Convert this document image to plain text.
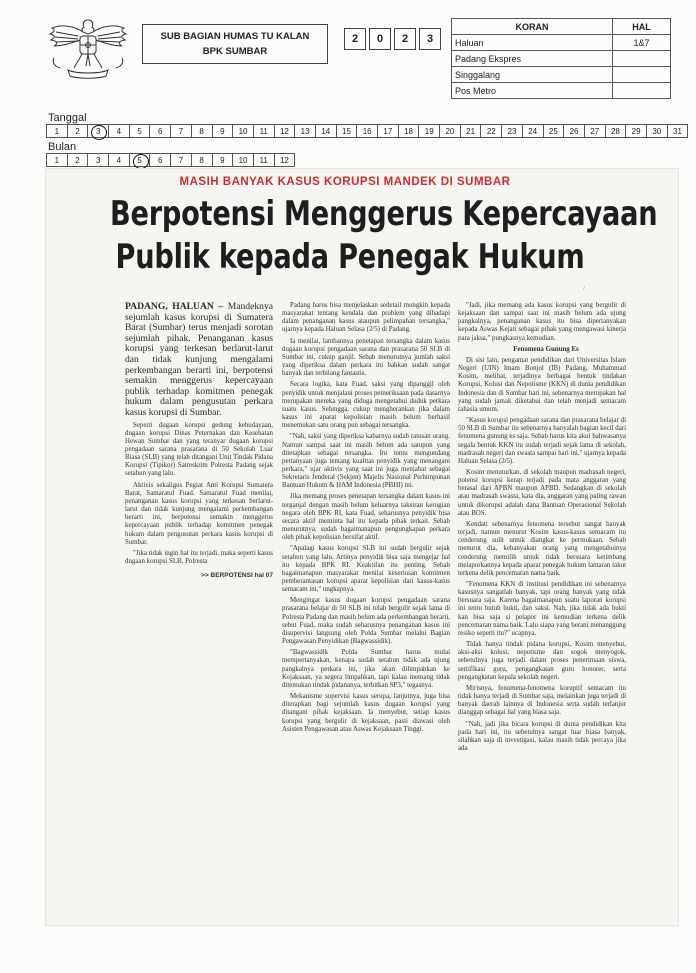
SUB BAGIAN HUMAS TU KALAN
BPK SUMBAR
2	0	2	3
KORAN	HAL
Haluan	1&7
Padang Ekspres	
Singgalang	
Pos Metro	
Tanggal
1	2	3	4	5	6	7	8	9	10	11	12	13	14	15	16	17	18	19	20	21	22	23	24	25	26	27	28	29	30	31
Bulan
1	2	3	4	5	6	7	8	9	10	11	12
⁄
MASIH BANYAK KASUS KORUPSI MANDEK DI SUMBAR
Berpotensi Menggerus Kepercayaan
Publik kepada Penegak Hukum

PADANG, HALUAN – Mandeknya sejumlah kasus korupsi di Sumatera Barat (Sumbar) terus menjadi sorotan sejumlah pihak. Penanganan kasus korupsi yang terkesan berlarut-larut dan tidak kunjung mengalami perkembangan berarti ini, berpotensi semakin menggerus kepercayaan publik terhadap komitmen penegak hukum dalam pengusutan perkara kasus korupsi di Sumbar.

Seperti dugaan korupsi gedung kebudayaan, dugaan korupsi Dinas Peternakan dan Kesehatan Hewan Sumbar dan yang teranyar dugaan korupsi pengadaan sarana prasarana di 50 Sekolah Luar Biasa (SLB) yang telah ditangani Unit Tindak Pidana Korupsi (Tipikor) Satreskrim Polresta Padang sejak setahun yang lalu.

Aktivis sekaligus Pegiat Anti Korupsi Sumatera Barat, Samaratul Fuad. Samaratul Fuad menilai, penanganan kasus korupsi yang terkesan berlarut-larut dan tidak kunjung mengalami perkembangan berarti ini, berpotensi semakin menggerus kepercayaan publik terhadap komitmen penegak hukum dalam pengusutan perkara kasus korupsi di Sumbar.

"Jika tidak ingin hal itu terjadi, maka seperti kasus dugaan korupsi SLB, Polresta

>> BERPOTENSI hal 07

Padang harus bisa menjelaskan sedetail mungkin kepada masyarakat tentang kendala dan problem yang dihadapi dalam penanganan kasus ataupun pelimpahan tersangka," ujarnya kepada Haluan Selasa (2/5) di Padang.

Ia menilai, lambannya penetapan tersangka dalam kasus dugaan korupsi pengadaan sarana dan prasarana 50 SLB di Sumbar ini, cukup ganjil. Sebab menurutnya jumlah saksi yang diperiksa dalam perkara ini bahkan sudah sangat banyak dan terbilang fantastis.

Secara logika, kata Fuad, saksi yang dipanggil oleh penyidik untuk menjalani proses pemeriksaan pada dasarnya merupakan mereka yang diduga mengetahui duduk perkara suatu kasus. Sehingga, cukup mengherankan jika dalam kasus ini aparat kepolisian masih belum berhasil menemukan satu orang pun sebagai tersangka.

"Nah, saksi yang diperiksa kabarnya sudah ratusan orang. Namun sampai saat ini masih belum ada satupun yang ditetapkan sebagai tersangka. Ini tentu mengundang pertanyaan juga tentang kualitas penyidik yang menangani perkara," ujar aktivis yang saat ini juga menjabat sebagai Sekretaris Jenderal (Sekjen) Majelis Nasional Perhimpunan Bantuan Hukum & HAM Indonesia (PBHI) ini.

Jika memang proses penetapan tersangka dalam kasus ini terganjal dengan masih belum keluarnya taksiran kerugian negara oleh BPK RI, kata Fuad, seharusnya penyidik bisa secara aktif meminta hal itu kepada pihak terkait. Sebab menurutnya, sudah bagaimanapun pengungkapan perkara oleh pihak kepolisian bersifat aktif.

"Apalagi kasus korupsi SLB ini sudah bergulir sejak setahun yang lalu. Artinya penyidik bisa saja mengejar hal itu kepada BPK RI. Keaktifan itu penting. Sebab bagaimanapun masyarakat menilai keseriusan komitmen pemberantasan korupsi aparat kepolisian dari kasus-kasus semacam ini," ungkapnya.

Mengingat kasus dugaan korupsi pengadaan sarana prasarana belajar di 50 SLB ini telah bergulir sejak lama di Polresta Padang dan masih belum ada perkembangan berarti, sebut Fuad, maka sudah seharusnya penanganan kasus ini disupervisi langsung oleh Polda Sumbar melalui Bagian Pengawasan Penyidikan (Bagwassidik).

"Bagwassidik Polda Sumbar harus mulai mempertanyakan, kenapa sudah setahun tidak ada ujung pangkalnya perkara ini, jika akan dilimpahkan ke Kejaksaan, ya segera limpahkan, tapi kalau memang tidak ditemukan tindak pidananya, terbitkan SP3," tegasnya.

Mekanisme supervisi kasus serupa, lanjutnya, juga bisa diterapkan bagi sejumlah kasus dugaan korupsi yang ditangani pihak kejaksaan. Ia menyebut, setiap kasus korupsi yang bergulir di kejaksaan, pasti diawasi oleh Asisten Pengawasan atau Aswas Kejaksaan Tinggi.

"Jadi, jika memang ada kasus korupsi yang bergulir di kejaksaan dan sampai saat ini masih belum ada ujung pangkalnya, penanganan kasus itu bisa dipertanyakan kepada Aswas Kejati sebagai pihak yang mengawasi kinerja para jaksa," pungkasnya kemudian.

Fenomena Gunung Es

Di sisi lain, pengamat pendidikan dari Universitas Islam Negeri (UIN) Imam Bonjol (IB) Padang, Muhammad Kosim, melihat, terjadinya berbagai bentuk tindakan Korupsi, Kolusi dan Nepotisme (KKN) di dunia pendidikan Indonesia dan di Sumbar hari ini, sebenarnya merupakan hal yang sudah jamak diketahui dan telah menjadi semacam rahasia umum.

"Kasus korupsi pengadaan sarana dan prasarana belajar di 50 SLB di Sumbar itu sebenarnya hanyalah bagian kecil dari fenomena gunung es saja. Sebab harus kita akui bahwasanya segala bentuk KKN itu sudah terjadi sejak lama di sekolah, madrasah negeri dan swasta sampai hari ini," ujarnya kepada Haluan Selasa (2/5).

Kosim menuturkan, di sekolah maupun madrasah negeri, potensi korupsi kerap terjadi pada mata anggaran yang berasal dari APBN maupun APBD. Sedangkan di sekolah atau madrasah swasta, kata dia, anggaran yang paling rawan untuk dikorupsi adalah dana Bantuan Operasional Sekolah atau BOS.

Kendati sebenarnya fenomena tersebut sangat banyak terjadi, namun menurut Kosim kasus-kasus semacam itu cenderung sulit untuk diangkat ke permukaan. Sebab menurut dia, kebanyakan orang yang mengetahuinya cenderung memilih untuk tidak bersuara ketimbang melaporkannya kepada aparat penegak hukum lantaran takut terkena delik pencemaran nama baik.

"Fenomena KKN di institusi pendidikan ini sebenarnya kasusnya sangatlah banyak, tapi orang banyak yang tidak bersuara saja. Karena bagaimanapun suatu laporan korupsi ini tentu butuh bukti, dan saksi. Nah, jika tidak ada bukti kan bisa saja si pelapor ini kemudian terkena delik pencemaran nama baik. Lalu siapa yang berani menanggung resiko seperti itu?" ucapnya.

Tidak hanya tindak pidana korupsi, Kosim menyebut, aksi-aksi kolusi, nepotisme dan sogok menyogok, sebetulnya juga terjadi dalam proses penerimaan siswa, sertifikasi guru, pengangkatan guru honorer, serta pengangkatan kepala sekolah negeri.

Mirisnya, fenomena-fenomena koruptif semacam itu tidak hanya terjadi di Sumbar saja, melainkan juga terjadi di banyak daerah lainnya di Indonesia serta sudah terlanjur dianggap sebagai hal yang biasa saja.

"Nah, jadi jika bicara korupsi di dunia pendidikan kita pada hari ini, itu sebetulnya sangat luar biasa banyak, silahkan saja di investigasi, kalau masih tidak percaya jika ada
